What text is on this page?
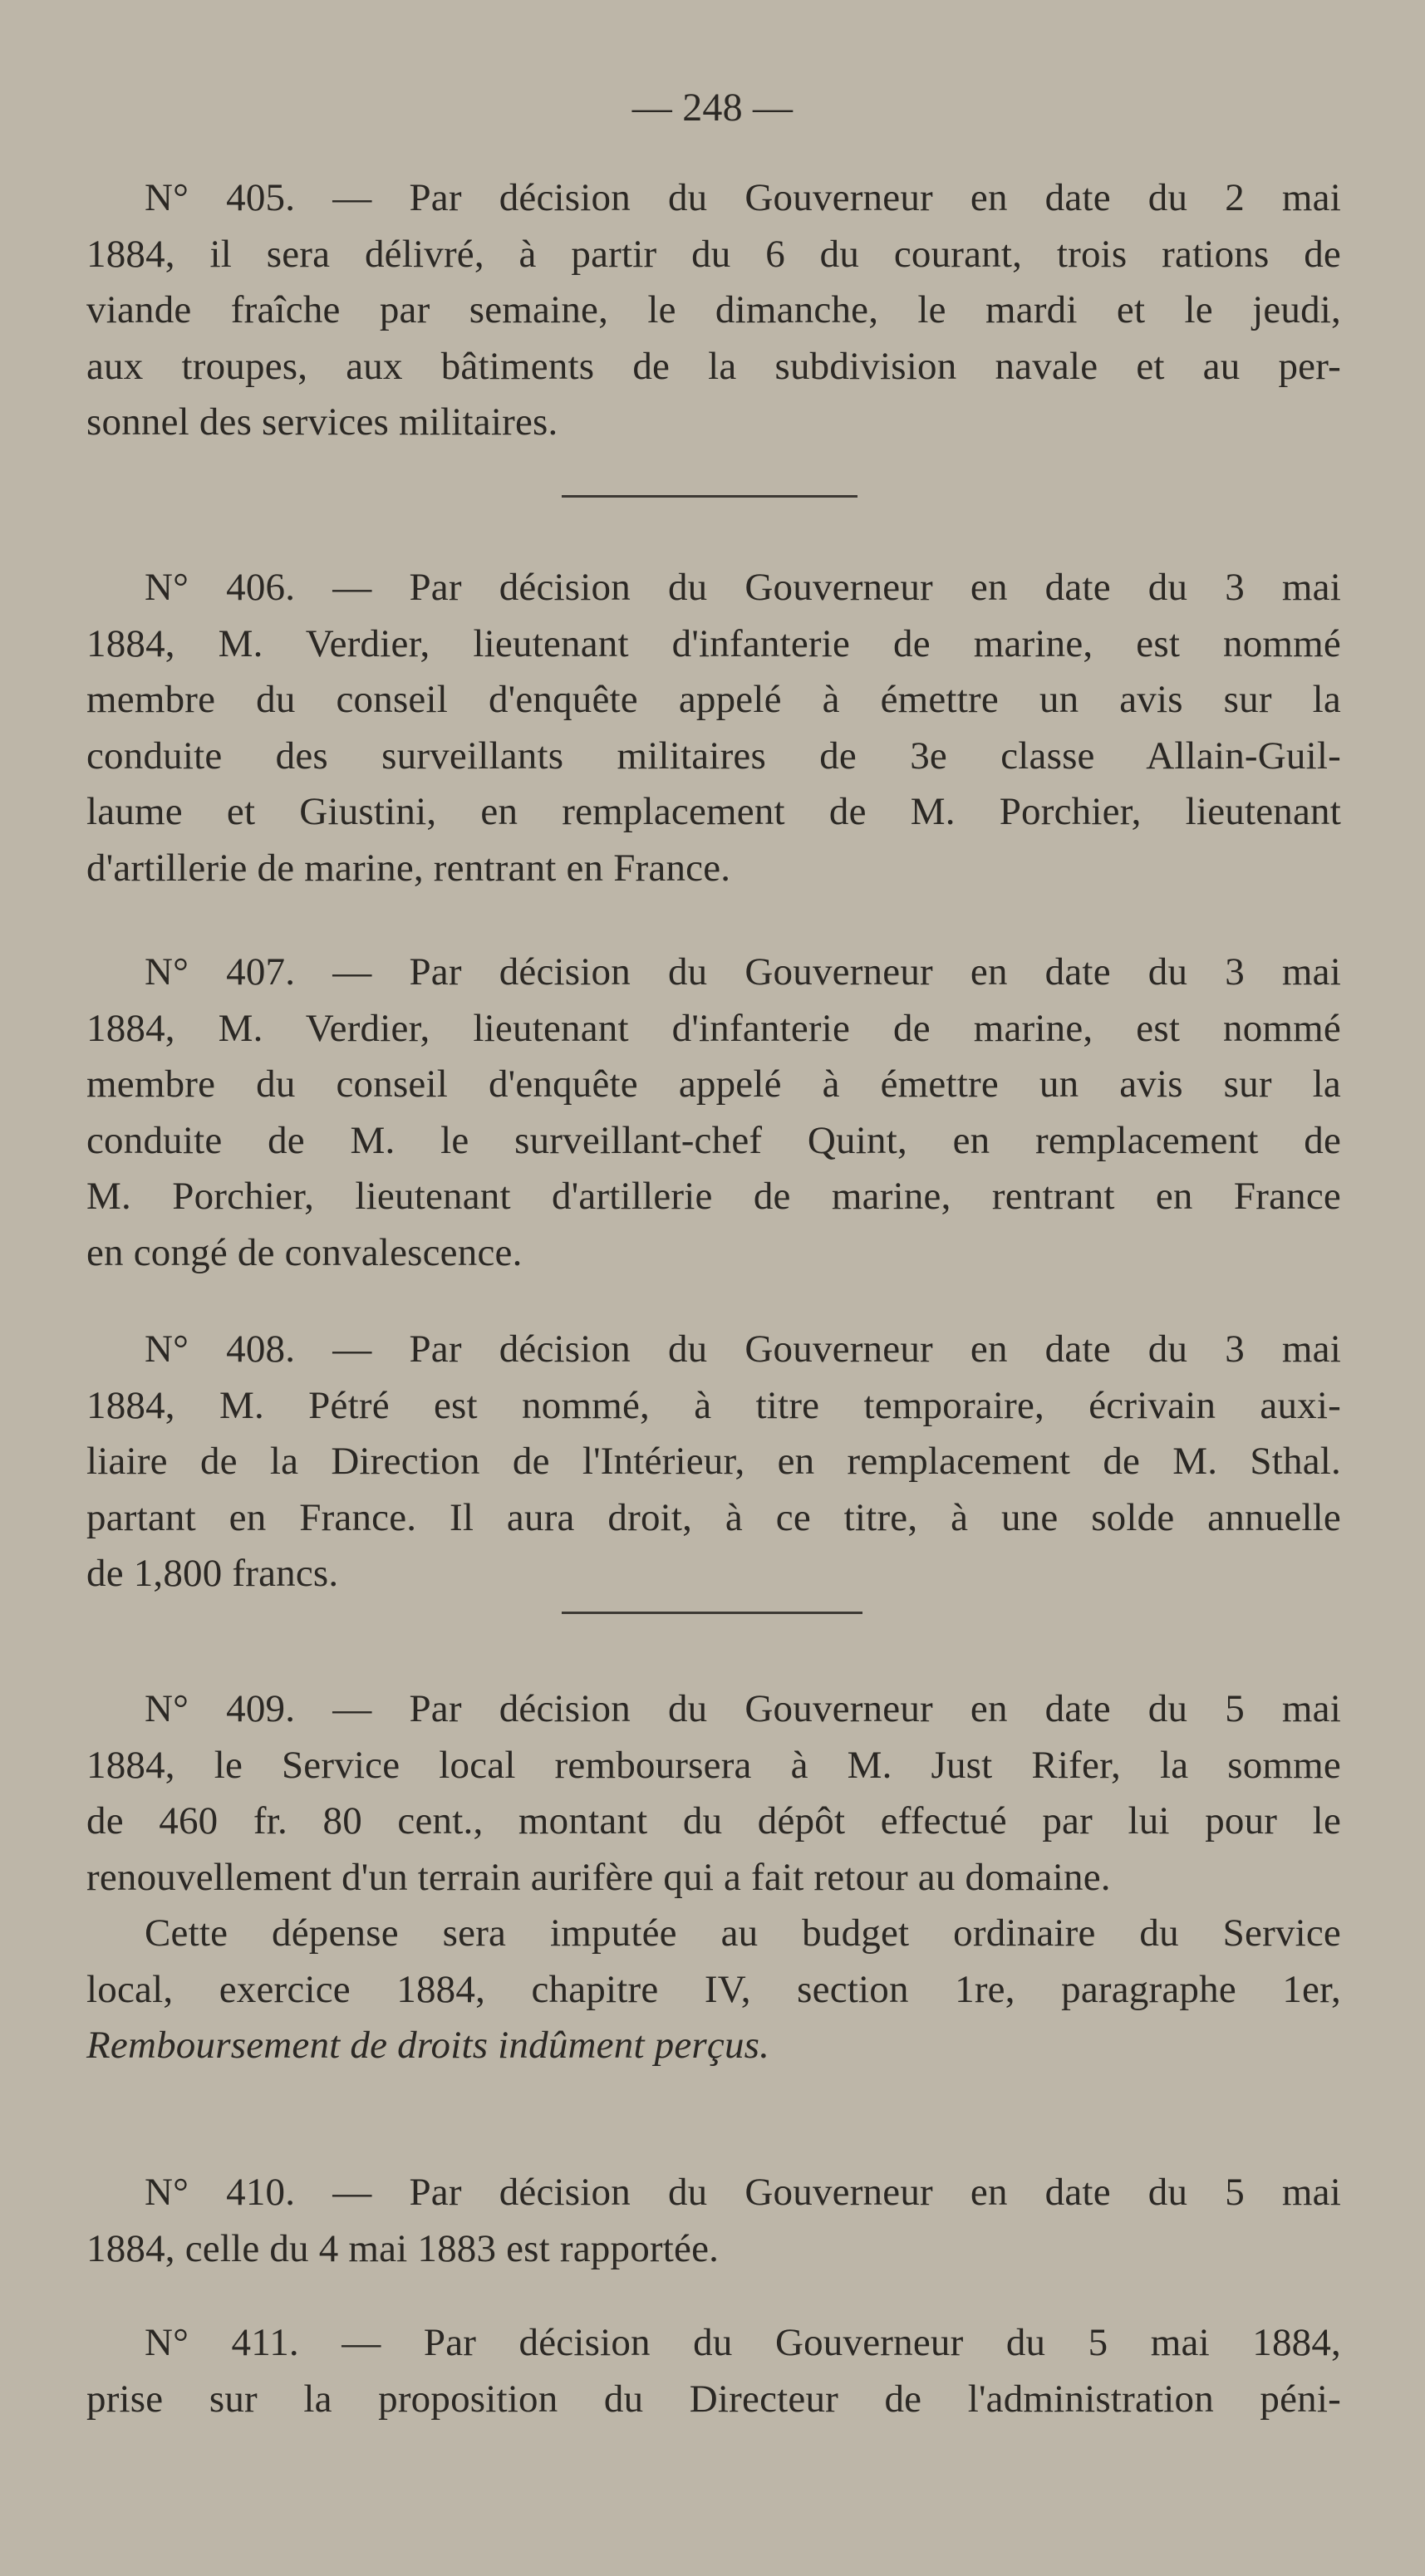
— 248 —

N° 405. — Par décision du Gouverneur en date du 2 mai
1884, il sera délivré, à partir du 6 du courant, trois rations de
viande fraîche par semaine, le dimanche, le mardi et le jeudi,
aux troupes, aux bâtiments de la subdivision navale et au per-
sonnel des services militaires.

N° 406. — Par décision du Gouverneur en date du 3 mai
1884, M. Verdier, lieutenant d'infanterie de marine, est nommé
membre du conseil d'enquête appelé à émettre un avis sur la
conduite des surveillants militaires de 3e classe Allain-Guil-
laume et Giustini, en remplacement de M. Porchier, lieutenant
d'artillerie de marine, rentrant en France.

N° 407. — Par décision du Gouverneur en date du 3 mai
1884, M. Verdier, lieutenant d'infanterie de marine, est nommé
membre du conseil d'enquête appelé à émettre un avis sur la
conduite de M. le surveillant-chef Quint, en remplacement de
M. Porchier, lieutenant d'artillerie de marine, rentrant en France
en congé de convalescence.

N° 408. — Par décision du Gouverneur en date du 3 mai
1884, M. Pétré est nommé, à titre temporaire, écrivain auxi-
liaire de la Direction de l'Intérieur, en remplacement de M. Sthal.
partant en France. Il aura droit, à ce titre, à une solde annuelle
de 1,800 francs.

N° 409. — Par décision du Gouverneur en date du 5 mai
1884, le Service local remboursera à M. Just Rifer, la somme
de 460 fr. 80 cent., montant du dépôt effectué par lui pour le
renouvellement d'un terrain aurifère qui a fait retour au domaine.

Cette dépense sera imputée au budget ordinaire du Service
local, exercice 1884, chapitre IV, section 1re, paragraphe 1er,
Remboursement de droits indûment perçus.

N° 410. — Par décision du Gouverneur en date du 5 mai
1884, celle du 4 mai 1883 est rapportée.

N° 411. — Par décision du Gouverneur du 5 mai 1884,
prise sur la proposition du Directeur de l'administration péni-
